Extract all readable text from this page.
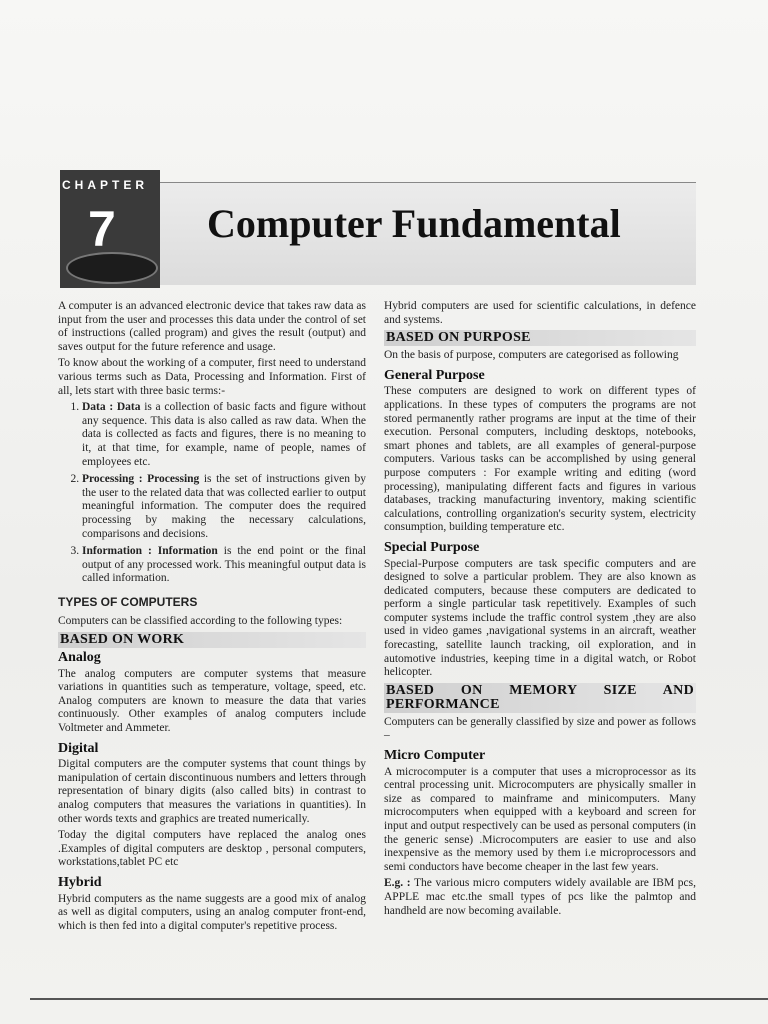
CHAPTER
7 Computer Fundamental

A computer is an advanced electronic device that takes raw data as input from the user and processes this data under the control of set of instructions (called program) and gives the result (output) and saves output for the future reference and usage.

To know about the working of a computer, first need to understand various terms such as Data, Processing and Information. First of all, lets start with three basic terms:-

1. Data : Data is a collection of basic facts and figure without any sequence. This data is also called as raw data. When the data is collected as facts and figures, there is no meaning to it, at that time, for example, name of people, names of employees etc.
2. Processing : Processing is the set of instructions given by the user to the related data that was collected earlier to output meaningful information. The computer does the required processing by making the necessary calculations, comparisons and decisions.
3. Information : Information is the end point or the final output of any processed work. This meaningful output data is called information.
TYPES OF COMPUTERS

Computers can be classified according to the following types:

BASED ON WORK
Analog

The analog computers are computer systems that measure variations in quantities such as temperature, voltage, speed, etc. Analog computers are known to measure the data that varies continuously. Other examples of analog computers include Voltmeter and Ammeter.

Digital

Digital computers are the computer systems that count things by manipulation of certain discontinuous numbers and letters through representation of binary digits (also called bits) in contrast to analog computers that measures the variations in quantities). In other words texts and graphics are treated numerically.

Today the digital computers have replaced the analog ones .Examples of digital computers are desktop , personal computers, workstations,tablet PC etc

Hybrid

Hybrid computers as the name suggests are a good mix of analog as well as digital computers, using an analog computer front-end, which is then fed into a digital computer's repetitive process.

Hybrid computers are used for scientific calculations, in defence and systems.

BASED ON PURPOSE

On the basis of purpose, computers are categorised as following

General Purpose

These computers are designed to work on different types of applications. In these types of computers the programs are not stored permanently rather programs are input at the time of their execution. Personal computers, including desktops, notebooks, smart phones and tablets, are all examples of general-purpose computers. Various tasks can be accomplished by using general purpose computers : For example writing and editing (word processing), manipulating different facts and figures in various databases, tracking manufacturing inventory, making scientific calculations, controlling organization's security system, electricity consumption, building temperature etc.

Special Purpose

Special-Purpose computers are task specific computers and are designed to solve a particular problem. They are also known as dedicated computers, because these computers are dedicated to perform a single particular task repetitively. Examples of such computer systems include the traffic control system ,they are also used in video games ,navigational systems in an aircraft, weather forecasting, satellite launch tracking, oil exploration, and in automotive industries, keeping time in a digital watch, or Robot helicopter.

BASED ON MEMORY SIZE AND PERFORMANCE

Computers can be generally classified by size and power as follows –

Micro Computer

A microcomputer is a computer that uses a microprocessor as its central processing unit. Microcomputers are physically smaller in size as compared to mainframe and minicomputers. Many microcomputers when equipped with a keyboard and screen for input and output respectively can be used as personal computers (in the generic sense) .Microcomputers are easier to use and also inexpensive as the memory used by them i.e microprocessors and semi conductors have become cheaper in the last few years.

E.g. : The various micro computers widely available are IBM pcs, APPLE mac etc.the small types of pcs like the palmtop and handheld are now becoming available.
